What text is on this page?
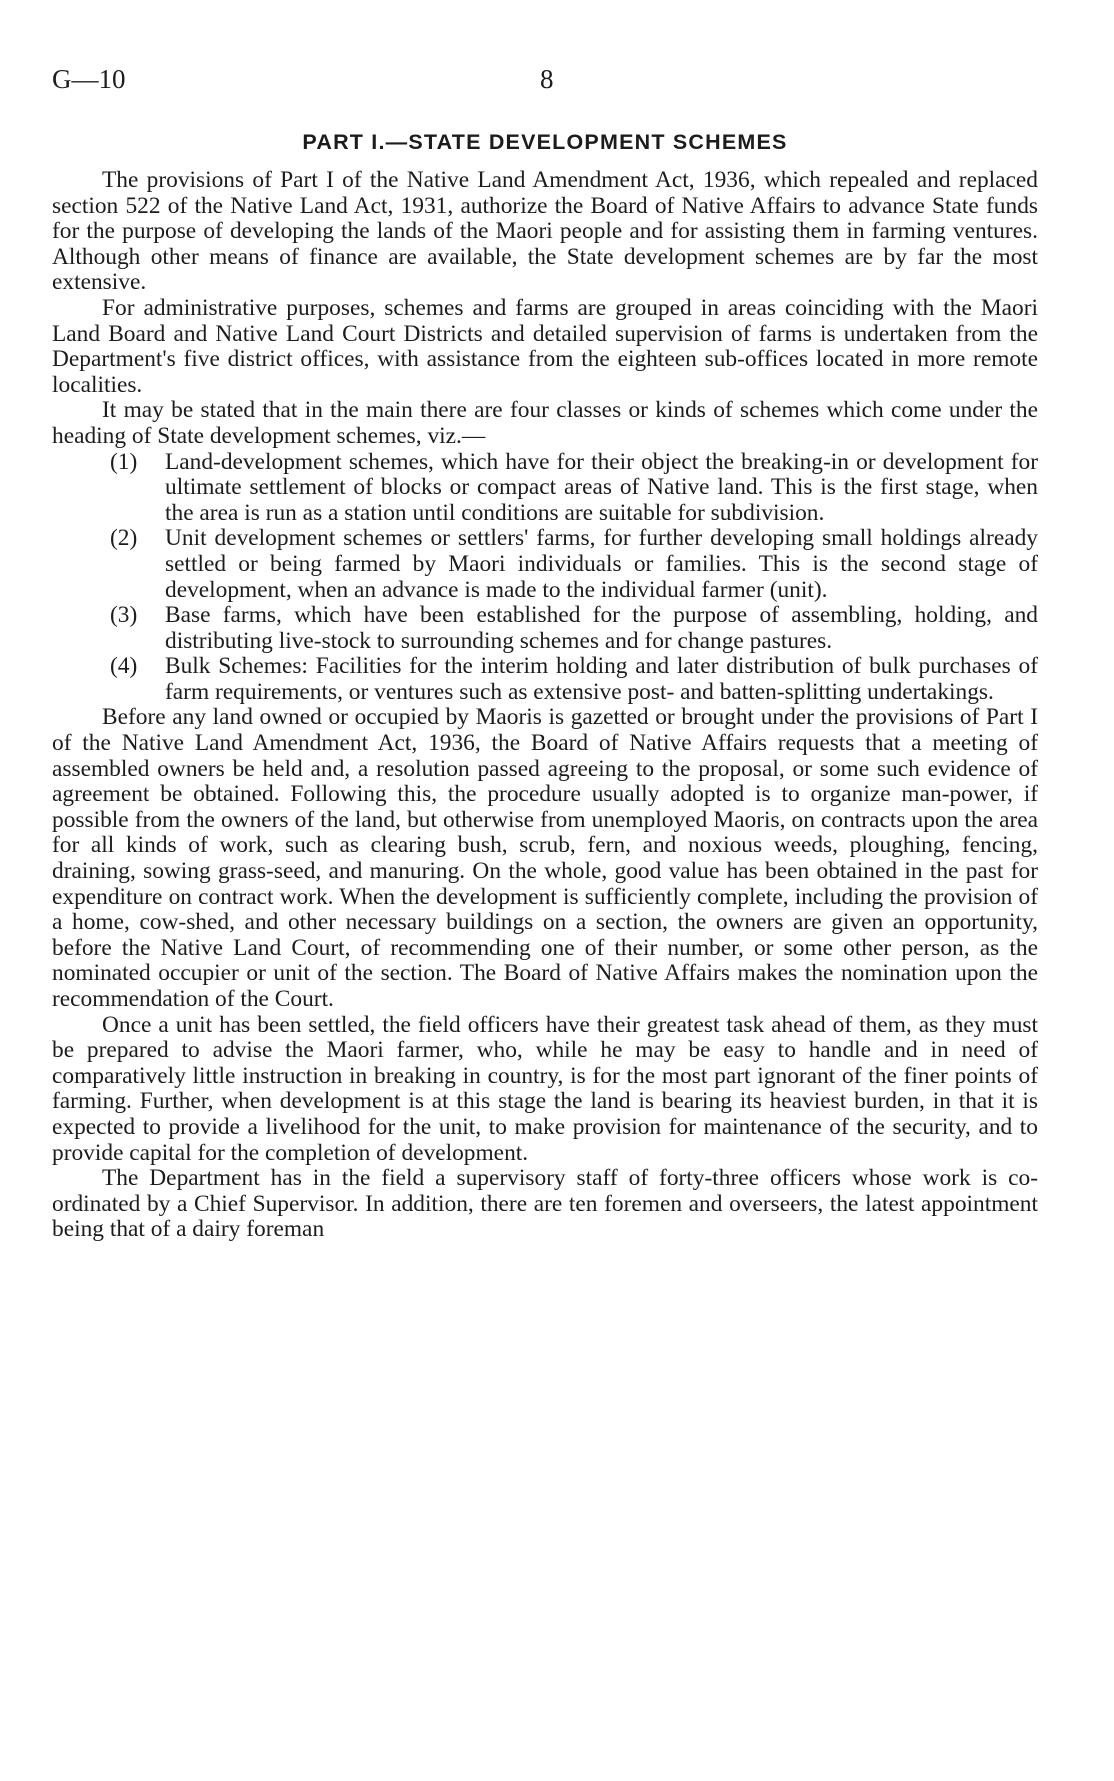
G—10	8
PART I.—STATE DEVELOPMENT SCHEMES

The provisions of Part I of the Native Land Amendment Act, 1936, which repealed and replaced section 522 of the Native Land Act, 1931, authorize the Board of Native Affairs to advance State funds for the purpose of developing the lands of the Maori people and for assisting them in farming ventures. Although other means of finance are available, the State development schemes are by far the most extensive.

For administrative purposes, schemes and farms are grouped in areas coinciding with the Maori Land Board and Native Land Court Districts and detailed supervision of farms is undertaken from the Department's five district offices, with assistance from the eighteen sub-offices located in more remote localities.

It may be stated that in the main there are four classes or kinds of schemes which come under the heading of State development schemes, viz.—

(1) Land-development schemes, which have for their object the breaking-in or development for ultimate settlement of blocks or compact areas of Native land. This is the first stage, when the area is run as a station until conditions are suitable for subdivision.
(2) Unit development schemes or settlers' farms, for further developing small holdings already settled or being farmed by Maori individuals or families. This is the second stage of development, when an advance is made to the individual farmer (unit).
(3) Base farms, which have been established for the purpose of assembling, holding, and distributing live-stock to surrounding schemes and for change pastures.
(4) Bulk Schemes: Facilities for the interim holding and later distribution of bulk purchases of farm requirements, or ventures such as extensive post- and batten-splitting undertakings.

Before any land owned or occupied by Maoris is gazetted or brought under the provisions of Part I of the Native Land Amendment Act, 1936, the Board of Native Affairs requests that a meeting of assembled owners be held and, a resolution passed agreeing to the proposal, or some such evidence of agreement be obtained. Following this, the procedure usually adopted is to organize man-power, if possible from the owners of the land, but otherwise from unemployed Maoris, on contracts upon the area for all kinds of work, such as clearing bush, scrub, fern, and noxious weeds, ploughing, fencing, draining, sowing grass-seed, and manuring. On the whole, good value has been obtained in the past for expenditure on contract work. When the development is sufficiently complete, including the provision of a home, cow-shed, and other necessary buildings on a section, the owners are given an opportunity, before the Native Land Court, of recommending one of their number, or some other person, as the nominated occupier or unit of the section. The Board of Native Affairs makes the nomination upon the recommendation of the Court.

Once a unit has been settled, the field officers have their greatest task ahead of them, as they must be prepared to advise the Maori farmer, who, while he may be easy to handle and in need of comparatively little instruction in breaking in country, is for the most part ignorant of the finer points of farming. Further, when development is at this stage the land is bearing its heaviest burden, in that it is expected to provide a livelihood for the unit, to make provision for maintenance of the security, and to provide capital for the completion of development.

The Department has in the field a supervisory staff of forty-three officers whose work is co-ordinated by a Chief Supervisor. In addition, there are ten foremen and overseers, the latest appointment being that of a dairy foreman
